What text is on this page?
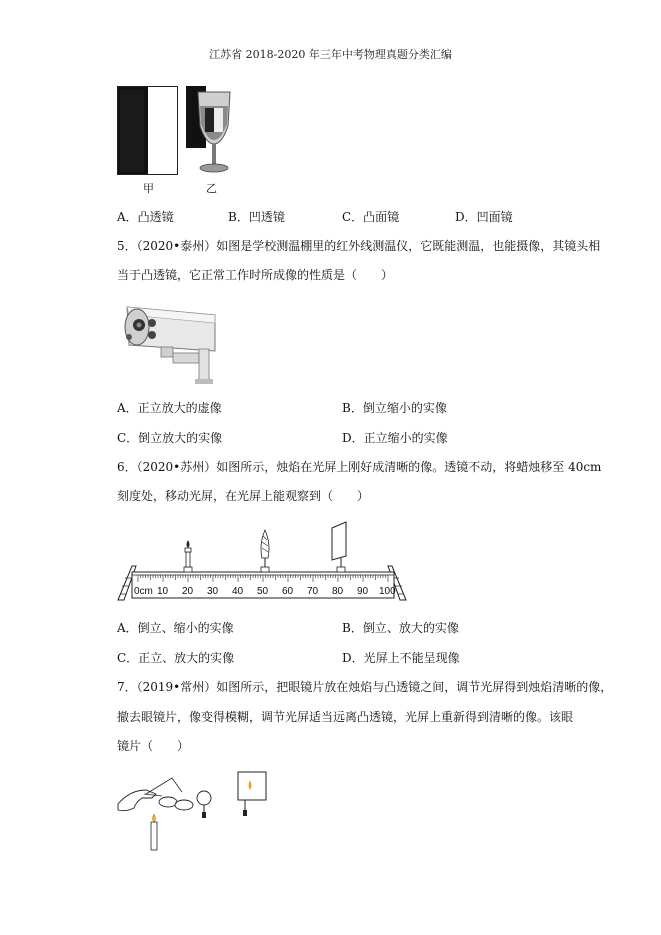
江苏省 2018-2020 年三年中考物理真题分类汇编
甲	乙
A．凸透镜	B．凹透镜	C．凸面镜	D．凹面镜
5．（2020•泰州）如图是学校测温棚里的红外线测温仪，它既能测温，也能摄像，其镜头相
当于凸透镜，它正常工作时所成像的性质是（　　）
A．正立放大的虚像	B．倒立缩小的实像
C．倒立放大的实像	D．正立缩小的实像
6．（2020•苏州）如图所示，烛焰在光屏上刚好成清晰的像。透镜不动，将蜡烛移至 40cm
刻度处，移动光屏，在光屏上能观察到（　　）
0cm 10 20 30 40 50 60 70 80 90 100
A．倒立、缩小的实像	B．倒立、放大的实像
C．正立、放大的实像	D．光屏上不能呈现像
7．（2019•常州）如图所示，把眼镜片放在烛焰与凸透镜之间，调节光屏得到烛焰清晰的像，
撤去眼镜片，像变得模糊，调节光屏适当远离凸透镜，光屏上重新得到清晰的像。该眼
镜片（　　）
